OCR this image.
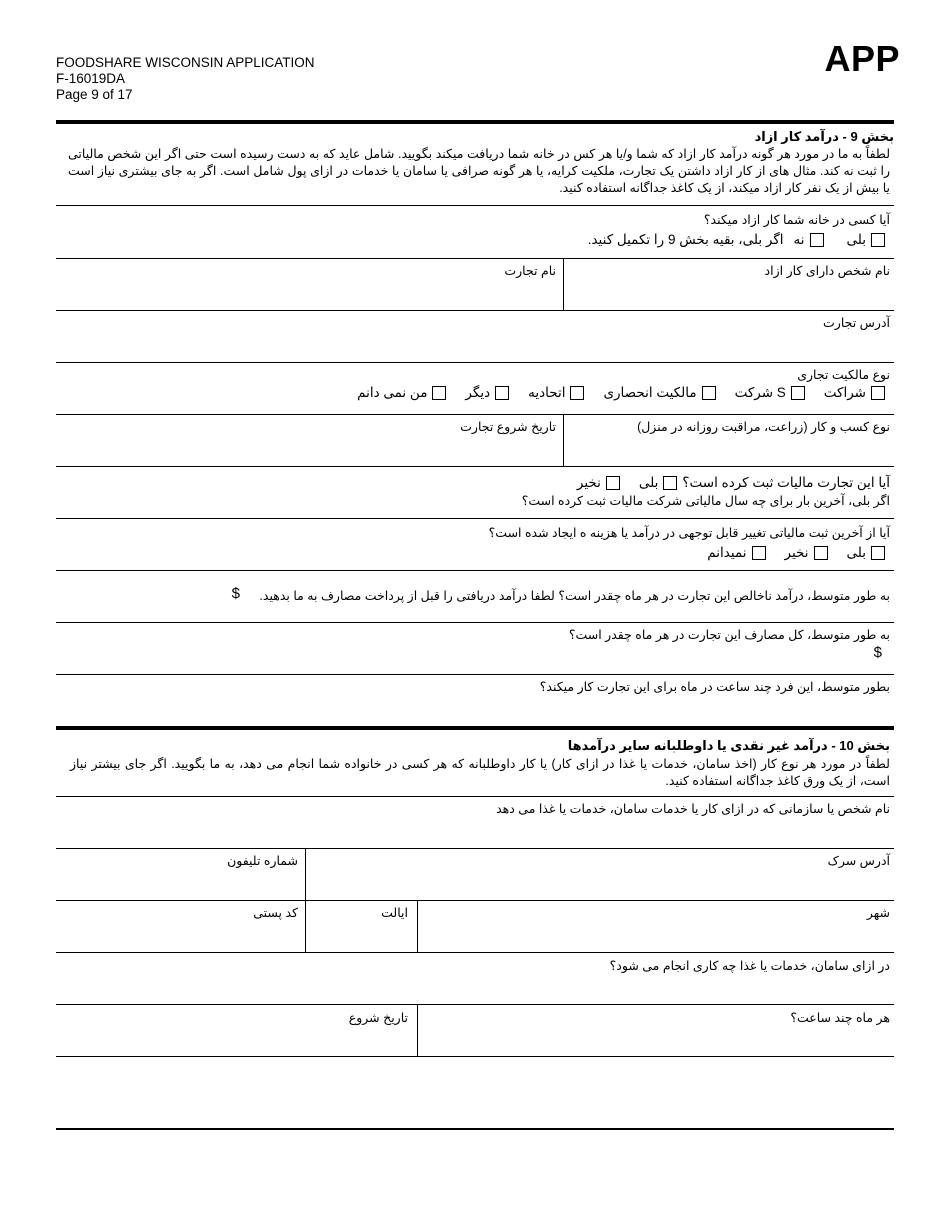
FOODSHARE WISCONSIN APPLICATION
F-16019DA
Page 9 of 17
APP
بخش 9 - درآمد کار ازاد
لطفاً به ما در مورد هر گونه درآمد کار ازاد که شما و/یا هر کس در خانه شما دریافت میکند بگویید. شامل عاید که به دست رسیده است حتی اگر این شخص مالیاتی را ثبت نه کند. مثال های از کار ازاد داشتن یک تجارت، ملکیت کرایه، یا هر گونه صرافی یا سامان یا خدمات در ازای پول شامل است. اگر به جای بیشتری نیاز است یا بیش از یک نفر کار ازاد میکند، از یک کاغذ جداگانه استفاده کنید.
آیا کسی در خانه شما کار ازاد میکند؟
بلی
نه
اگر بلی، بقیه بخش 9 را تکمیل کنید.
نام شخص دارای کار ازاد
نام تجارت
آدرس تجارت
نوع مالکیت تجاری
شراکت
S شرکت
مالکیت انحصاری
اتحادیه
دیگر
من نمی دانم
نوع کسب و کار (زراعت، مراقبت روزانه در منزل)
تاریخ شروع تجارت
آیا این تجارت مالیات ثبت کرده است؟
بلی
نخیر
اگر بلی، آخرین بار برای چه سال مالیاتی شرکت مالیات ثبت کرده است؟
آیا از آخرین ثبت مالیاتی تغییر قابل توجهی در درآمد یا هزینه ه ایجاد شده است؟
بلی
نخیر
نمیدانم
به طور متوسط، درآمد ناخالص این تجارت در هر ماه چقدر است؟ لطفا درآمد دریافتی را قبل از پرداخت مصارف به ما بدهید.
$
به طور متوسط، کل مصارف این تجارت در هر ماه چقدر است؟
$
بطور متوسط، این فرد چند ساعت در ماه برای این تجارت کار میکند؟
بخش 10 - درآمد غیر نقدی یا داوطلبانه سایر درآمدها
لطفاً در مورد هر نوع کار (اخذ سامان، خدمات یا غذا در ازای کار) یا کار داوطلبانه که هر کسی در خانواده شما انجام می دهد، به ما بگویید. اگر جای بیشتر نیاز است، از یک ورق کاغذ جداگانه استفاده کنید.
نام شخص یا سازمانی که در ازای کار یا خدمات سامان، خدمات یا غذا می دهد
آدرس سرک
شماره تلیفون
شهر
ایالت
کد پستی
در ازای سامان، خدمات یا غذا چه کاری انجام می شود؟
هر ماه چند ساعت؟
تاریخ شروع
